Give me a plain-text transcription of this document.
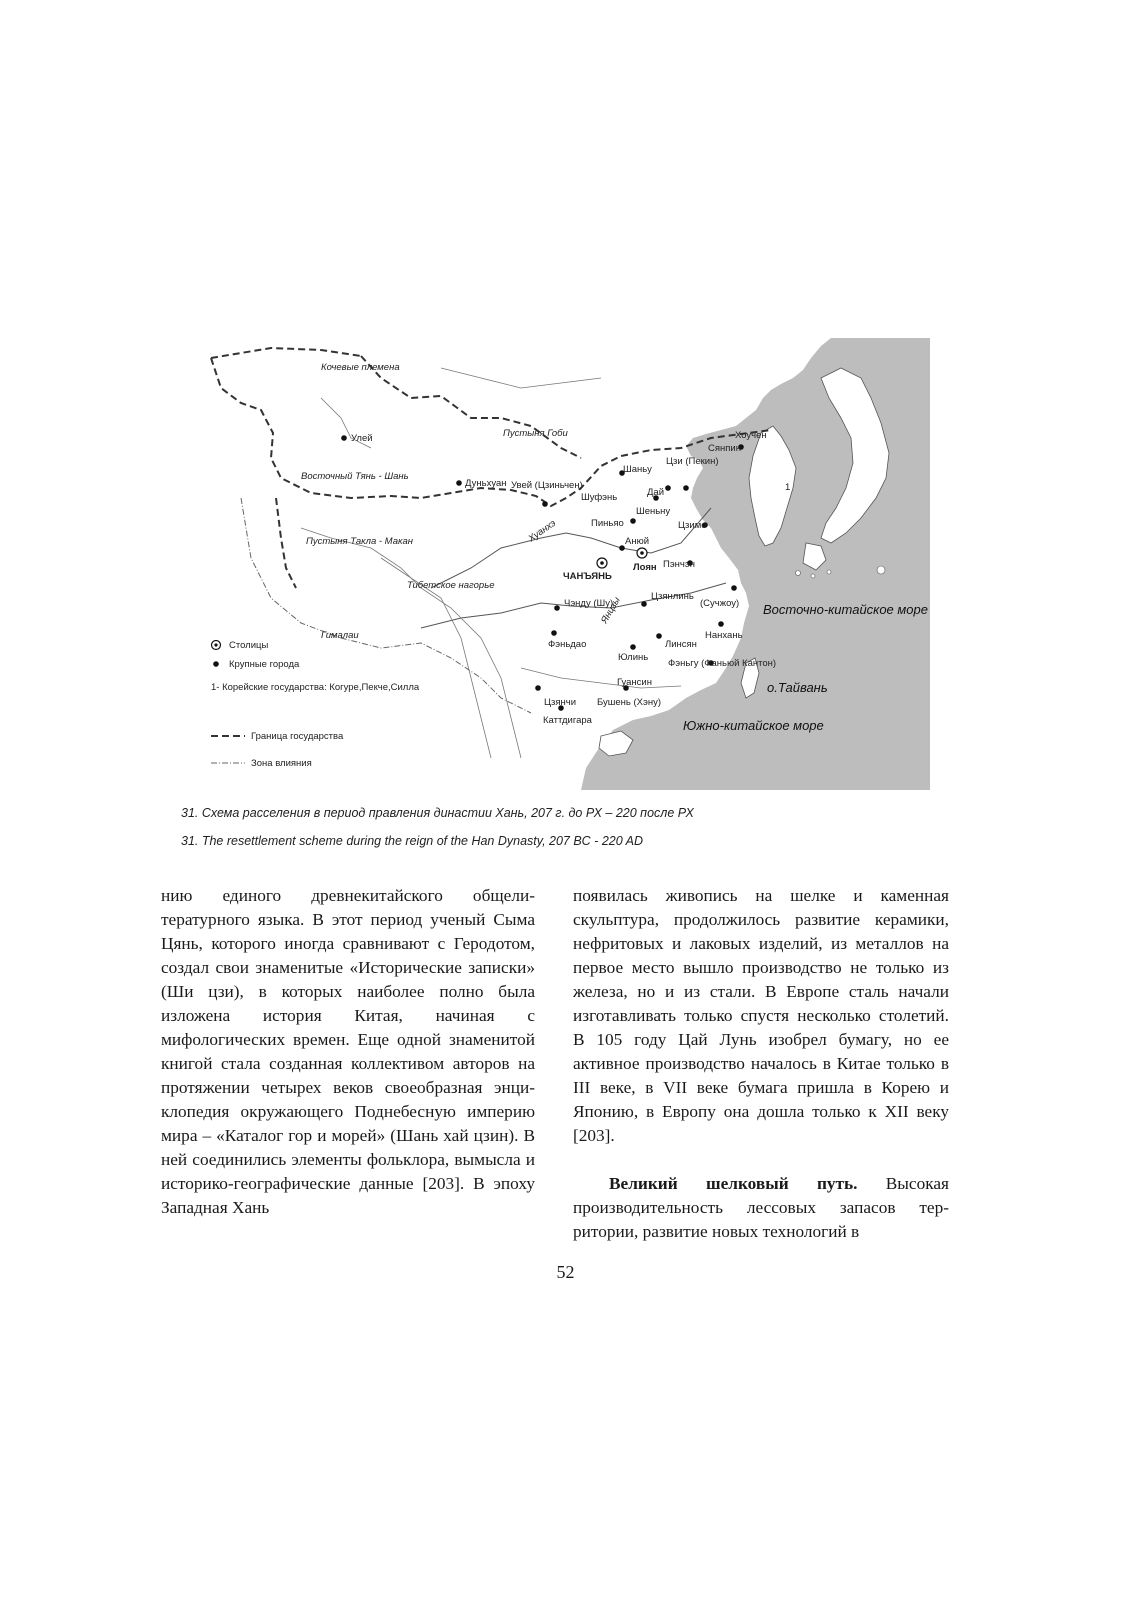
Кочевые племена
Пустыня Гоби
Восточный Тянь - Шань
Пустыня Такла - Макан
Тибетское нагорье
Гималаи
Восточно-китайское море
Южно-китайское море
о.Тайвань
1
Хуанхэ
Янцзы
Улей
Дуньхуан Увей (Цзиньчен)
Шаньу
Шуфэнь
Пиньяо
Дай
Шеньну
Цзи (Пекин)
Сянпин
Хоучен
Цзимо
Анюй
Лоян
ЧАНЪЯНЬ
Пэнчэн
Цзянлинь
(Сучжоу)
Чэнду (Шу)
Фэньдао
Нанхань
Юлинь
Линсян
Фэньгу (Фаньюй Кантон)
Гуансин
Цзянчи Бушень (Хэну)
Каттдигара
Столицы
Крупные города
1- Корейские государства: Когуре,Пекче,Силла
Граница государства
Зона влияния
31. Схема расселения в период правления династии Хань, 207 г. до РХ – 220 после РХ
31. The resettlement scheme during the reign of the Han Dynasty, 207 BC - 220 AD

нию единого древнекитайского общелитературного языка. В этот период ученый Сыма Цянь, которого иногда сравнивают с Геродотом, создал свои знаменитые «Исторические записки» (Ши цзи), в которых наиболее полно была изложена история Китая, начиная с мифологических времен. Еще одной знаменитой книгой стала созданная коллективом авторов на протяжении четырех веков своеобразная энциклопедия окружающего Поднебесную империю мира – «Каталог гор и морей» (Шань хай цзин). В ней соединились элементы фольклора, вымысла и историко-географические данные [203]. В эпоху Западная Хань

появилась живопись на шелке и каменная скульптура, продолжилось развитие керамики, нефритовых и лаковых изделий, из металлов на первое место вышло производство не только из железа, но и из стали. В Европе сталь начали изготавливать только спустя несколько столетий. В 105 году Цай Лунь изобрел бумагу, но ее активное производство началось в Китае только в III веке, в VII веке бумага пришла в Корею и Японию, в Европу она дошла только к XII веку [203].

Великий шелковый путь. Высокая производительность лессовых запасов территории, развитие новых технологий в

52
